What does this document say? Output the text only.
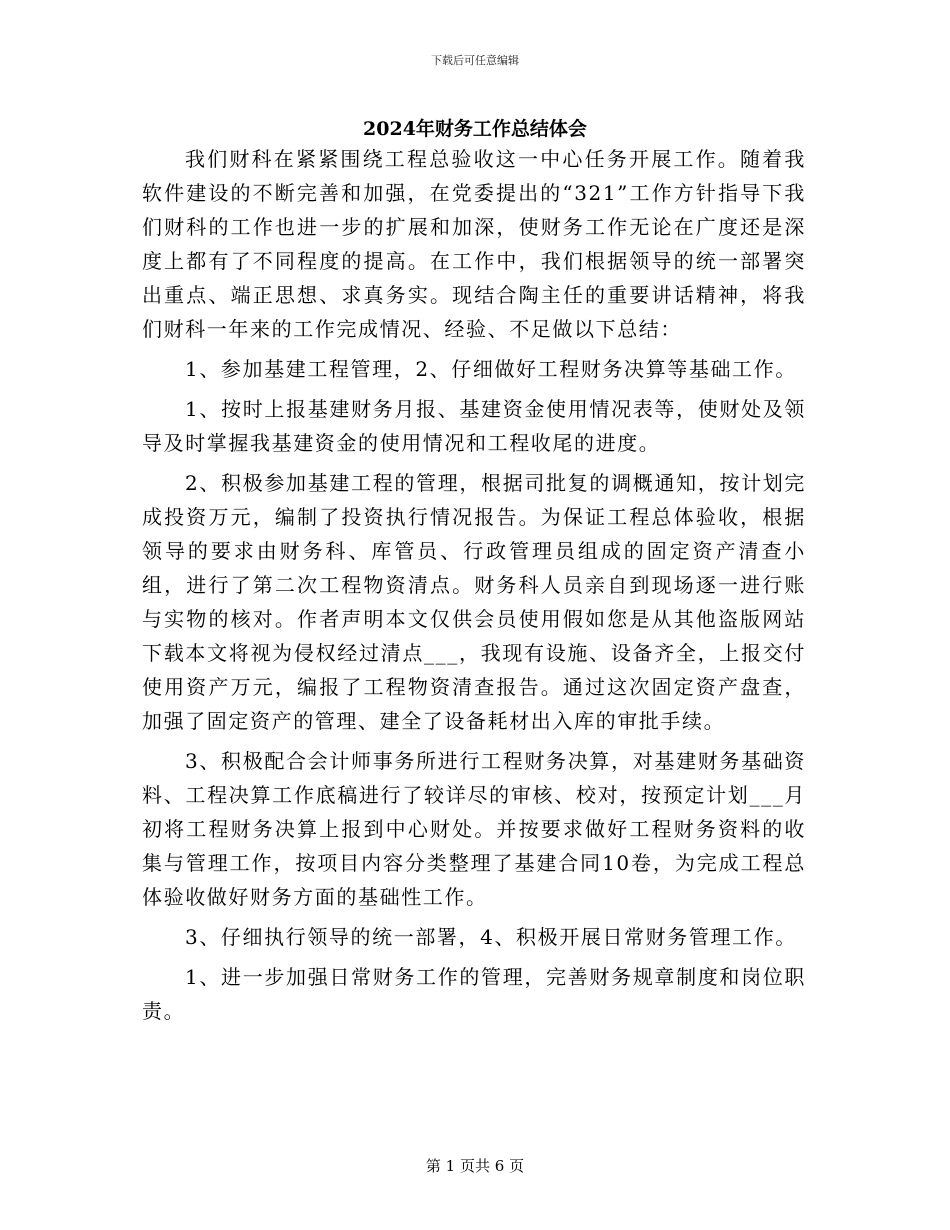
下载后可任意编辑
2024年财务工作总结体会

我们财科在紧紧围绕工程总验收这一中心任务开展工作。随着我软件建设的不断完善和加强，在党委提出的“321”工作方针指导下我们财科的工作也进一步的扩展和加深，使财务工作无论在广度还是深度上都有了不同程度的提高。在工作中，我们根据领导的统一部署突出重点、端正思想、求真务实。现结合陶主任的重要讲话精神，将我们财科一年来的工作完成情况、经验、不足做以下总结：

1、参加基建工程管理，2、仔细做好工程财务决算等基础工作。

1、按时上报基建财务月报、基建资金使用情况表等，使财处及领导及时掌握我基建资金的使用情况和工程收尾的进度。

2、积极参加基建工程的管理，根据司批复的调概通知，按计划完成投资万元，编制了投资执行情况报告。为保证工程总体验收，根据领导的要求由财务科、库管员、行政管理员组成的固定资产清查小组，进行了第二次工程物资清点。财务科人员亲自到现场逐一进行账与实物的核对。作者声明本文仅供会员使用假如您是从其他盗版网站下载本文将视为侵权经过清点___，我现有设施、设备齐全，上报交付使用资产万元，编报了工程物资清查报告。通过这次固定资产盘查，加强了固定资产的管理、建全了设备耗材出入库的审批手续。

3、积极配合会计师事务所进行工程财务决算，对基建财务基础资料、工程决算工作底稿进行了较详尽的审核、校对，按预定计划___月初将工程财务决算上报到中心财处。并按要求做好工程财务资料的收集与管理工作，按项目内容分类整理了基建合同10卷，为完成工程总体验收做好财务方面的基础性工作。

3、仔细执行领导的统一部署，4、积极开展日常财务管理工作。

1、进一步加强日常财务工作的管理，完善财务规章制度和岗位职责。

第 1 页共 6 页
